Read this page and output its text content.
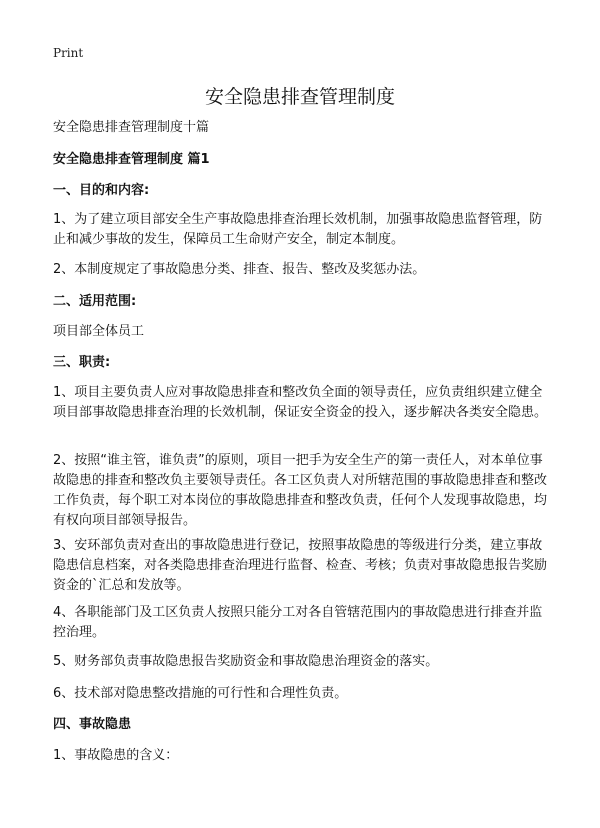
Print
安全隐患排查管理制度
安全隐患排查管理制度十篇
安全隐患排查管理制度 篇1
一、目的和内容:
1、为了建立项目部安全生产事故隐患排查治理长效机制，加强事故隐患监督管理，防止和减少事故的发生，保障员工生命财产安全，制定本制度。
2、本制度规定了事故隐患分类、排查、报告、整改及奖惩办法。
二、适用范围:
项目部全体员工
三、职责:
1、项目主要负责人应对事故隐患排查和整改负全面的领导责任，应负责组织建立健全项目部事故隐患排查治理的长效机制，保证安全资金的投入，逐步解决各类安全隐患。
2、按照“谁主管，谁负责”的原则，项目一把手为安全生产的第一责任人，对本单位事故隐患的排查和整改负主要领导责任。各工区负责人对所辖范围的事故隐患排查和整改工作负责，每个职工对本岗位的事故隐患排查和整改负责，任何个人发现事故隐患，均有权向项目部领导报告。
3、安环部负责对查出的事故隐患进行登记，按照事故隐患的等级进行分类，建立事故隐患信息档案，对各类隐患排查治理进行监督、检查、考核；负责对事故隐患报告奖励资金的`汇总和发放等。
4、各职能部门及工区负责人按照只能分工对各自管辖范围内的事故隐患进行排查并监控治理。
5、财务部负责事故隐患报告奖励资金和事故隐患治理资金的落实。
6、技术部对隐患整改措施的可行性和合理性负责。
四、事故隐患
1、事故隐患的含义：
